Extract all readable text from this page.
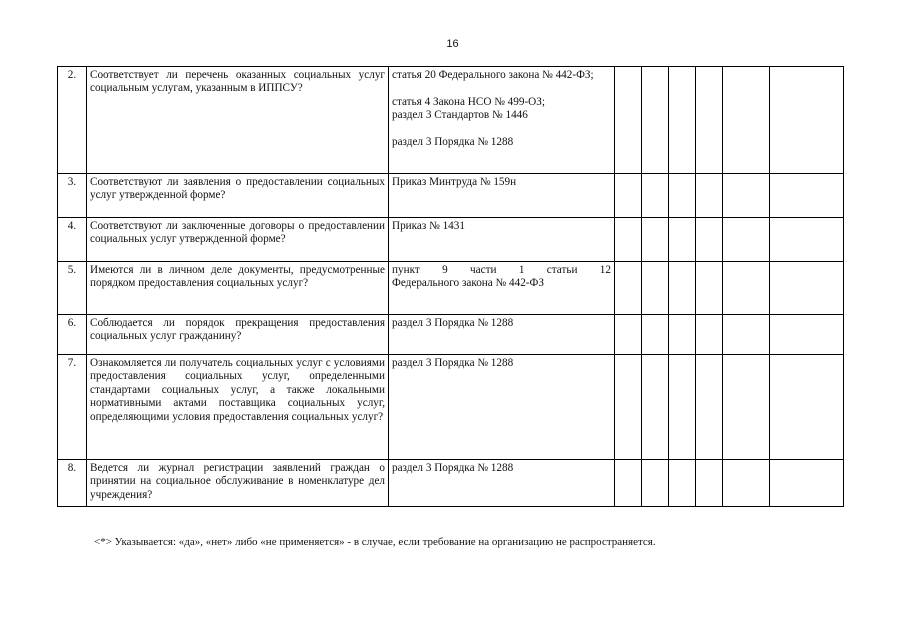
16
2.	Соответствует ли перечень оказанных социальных услуг социальным услугам, указанным в ИППСУ?	статья 20 Федерального закона № 442-ФЗ;
статья 4 Закона НСО № 499-ОЗ;
раздел 3 Стандартов № 1446
раздел 3 Порядка № 1288						

3.	Соответствуют ли заявления о предоставлении социальных услуг утвержденной форме?	Приказ Минтруда № 159н						

4.	Соответствуют ли заключенные договоры о предоставлении социальных услуг утвержденной форме?	Приказ № 1431						

5.	Имеются ли в личном деле документы, предусмотренные порядком предоставления социальных услуг?	пункт 9 части 1 статьи 12
Федерального закона № 442-ФЗ						

6.	Соблюдается ли порядок прекращения предоставления социальных услуг гражданину?	раздел 3 Порядка № 1288						

7.	Ознакомляется ли получатель социальных услуг с условиями предоставления социальных услуг, определенными стандартами социальных услуг, а также локальными нормативными актами поставщика социальных услуг, определяющими условия предоставления социальных услуг?	раздел 3 Порядка № 1288						

8.	Ведется ли журнал регистрации заявлений граждан о принятии на социальное обслуживание в номенклатуре дел учреждения?	раздел 3 Порядка № 1288						

<*> Указывается: «да», «нет» либо «не применяется» - в случае, если требование на организацию не распространяется.
